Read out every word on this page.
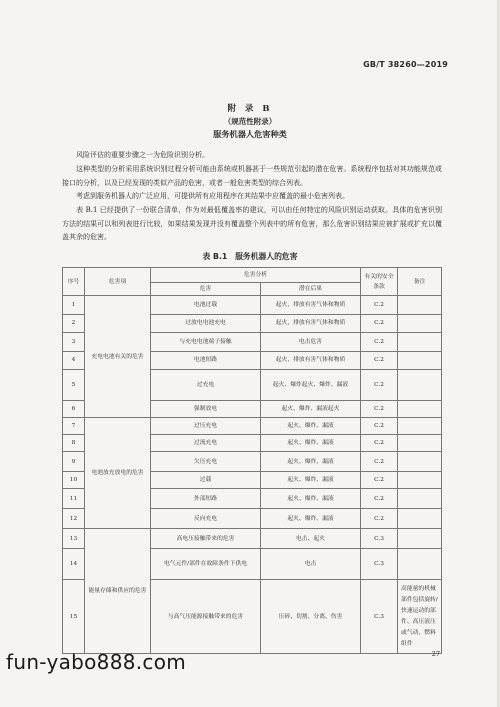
GB/T 38260—2019
附 录 B
（规范性附录）
服务机器人危害种类
风险评估的重要步骤之一为危险识别分析。
这种类型的分析采用系统识别过程分析可能由系统或机器甚于一些规范引起的潜在危害。系统程序包括对其功能规范或接口的分析，以及已经发现的类似产品的危害，或者一般危害类型的综合列表。
考虑到服务机器人的广泛应用，可提供所有应用程序在其结果中应覆盖的最小危害列表。
表 B.1 已经提供了一份联合清单，作为对最低覆盖率的建议，可以由任何特定的风险识别运动获取。具体的危害识别方法的结果可以和列表进行比较，如果结果发现并没有覆盖整个列表中的所有危害，那么危害识别结果应被扩展或扩充以覆盖其余的危害。
表 B.1　服务机器人的危害
序号	危害项	危害分析		有关的安全条款	备注
		危害	潜在后果		
1	充电电池有关的危害	电池过载	起火，排放有害气体和物质	C.2	
2		过放电电池充电	起火，排放有害气体和物质	C.2	
3		与充电电池端子接触	电击危害	C.2	
4		电池短路	起火，排放有害气体和物质	C.2	
5		过充电	起火、爆炸起火、爆炸、漏液	C.2	
6		强制放电	起火、爆炸、漏液起火	C.2	
7	电池放充放电的危害	过压充电	起火、爆炸、漏液	C.2	
8		过流充电	起火、爆炸、漏液	C.2	
9		欠压充电	起火、爆炸、漏液	C.2	
10		过载	起火、爆炸、漏液	C.2	
11		外部短路	起火、爆炸、漏液	C.2	
12		反向充电	起火、爆炸、漏液	C.2	
13	能量存储和供应的危害	高电压接触带来的危害	电击、起火	C.3	
14		电气元件/部件在故障条件下供电	电击	C.3	
15		与高气压能源接触带来的危害	压碎、切割、分离、伤害	C.3	高能量的机械部件包括旋转/快速运动的部件、高压液压或气动、燃料组件
fun-yabo888.com	27
